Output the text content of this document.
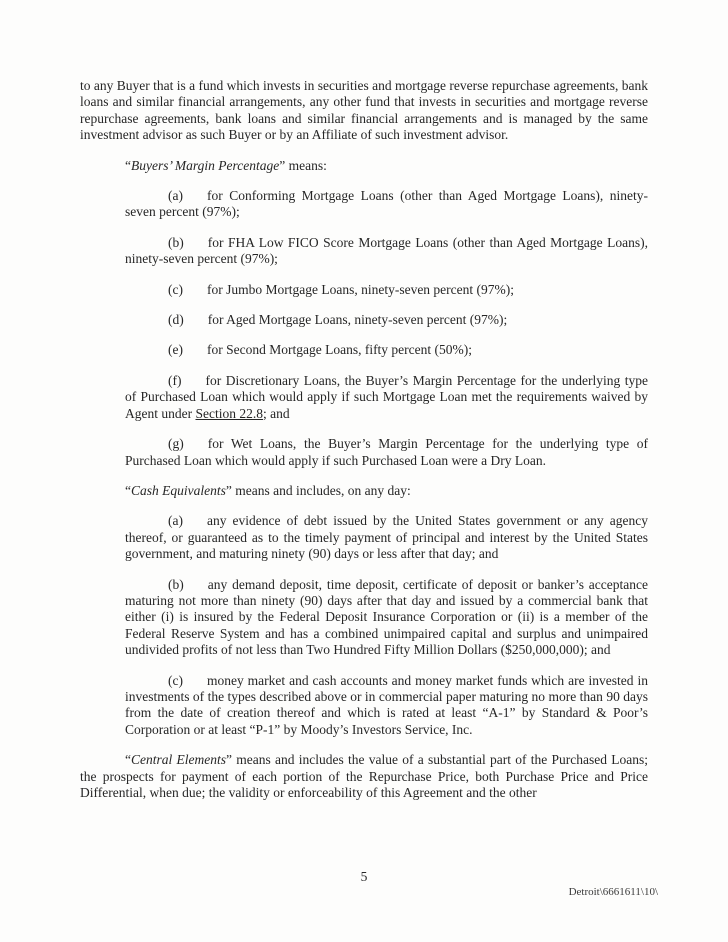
to any Buyer that is a fund which invests in securities and mortgage reverse repurchase agreements, bank loans and similar financial arrangements, any other fund that invests in securities and mortgage reverse repurchase agreements, bank loans and similar financial arrangements and is managed by the same investment advisor as such Buyer or by an Affiliate of such investment advisor.

“Buyers’ Margin Percentage” means:

(a) for Conforming Mortgage Loans (other than Aged Mortgage Loans), ninety-seven percent (97%);

(b) for FHA Low FICO Score Mortgage Loans (other than Aged Mortgage Loans), ninety-seven percent (97%);

(c) for Jumbo Mortgage Loans, ninety-seven percent (97%);

(d) for Aged Mortgage Loans, ninety-seven percent (97%);

(e) for Second Mortgage Loans, fifty percent (50%);

(f) for Discretionary Loans, the Buyer’s Margin Percentage for the underlying type of Purchased Loan which would apply if such Mortgage Loan met the requirements waived by Agent under Section 22.8; and

(g) for Wet Loans, the Buyer’s Margin Percentage for the underlying type of Purchased Loan which would apply if such Purchased Loan were a Dry Loan.

“Cash Equivalents” means and includes, on any day:

(a) any evidence of debt issued by the United States government or any agency thereof, or guaranteed as to the timely payment of principal and interest by the United States government, and maturing ninety (90) days or less after that day; and

(b) any demand deposit, time deposit, certificate of deposit or banker’s acceptance maturing not more than ninety (90) days after that day and issued by a commercial bank that either (i) is insured by the Federal Deposit Insurance Corporation or (ii) is a member of the Federal Reserve System and has a combined unimpaired capital and surplus and unimpaired undivided profits of not less than Two Hundred Fifty Million Dollars ($250,000,000); and

(c) money market and cash accounts and money market funds which are invested in investments of the types described above or in commercial paper maturing no more than 90 days from the date of creation thereof and which is rated at least “A-1” by Standard & Poor’s Corporation or at least “P-1” by Moody’s Investors Service, Inc.

“Central Elements” means and includes the value of a substantial part of the Purchased Loans; the prospects for payment of each portion of the Repurchase Price, both Purchase Price and Price Differential, when due; the validity or enforceability of this Agreement and the other

5
Detroit\6661611\10\
